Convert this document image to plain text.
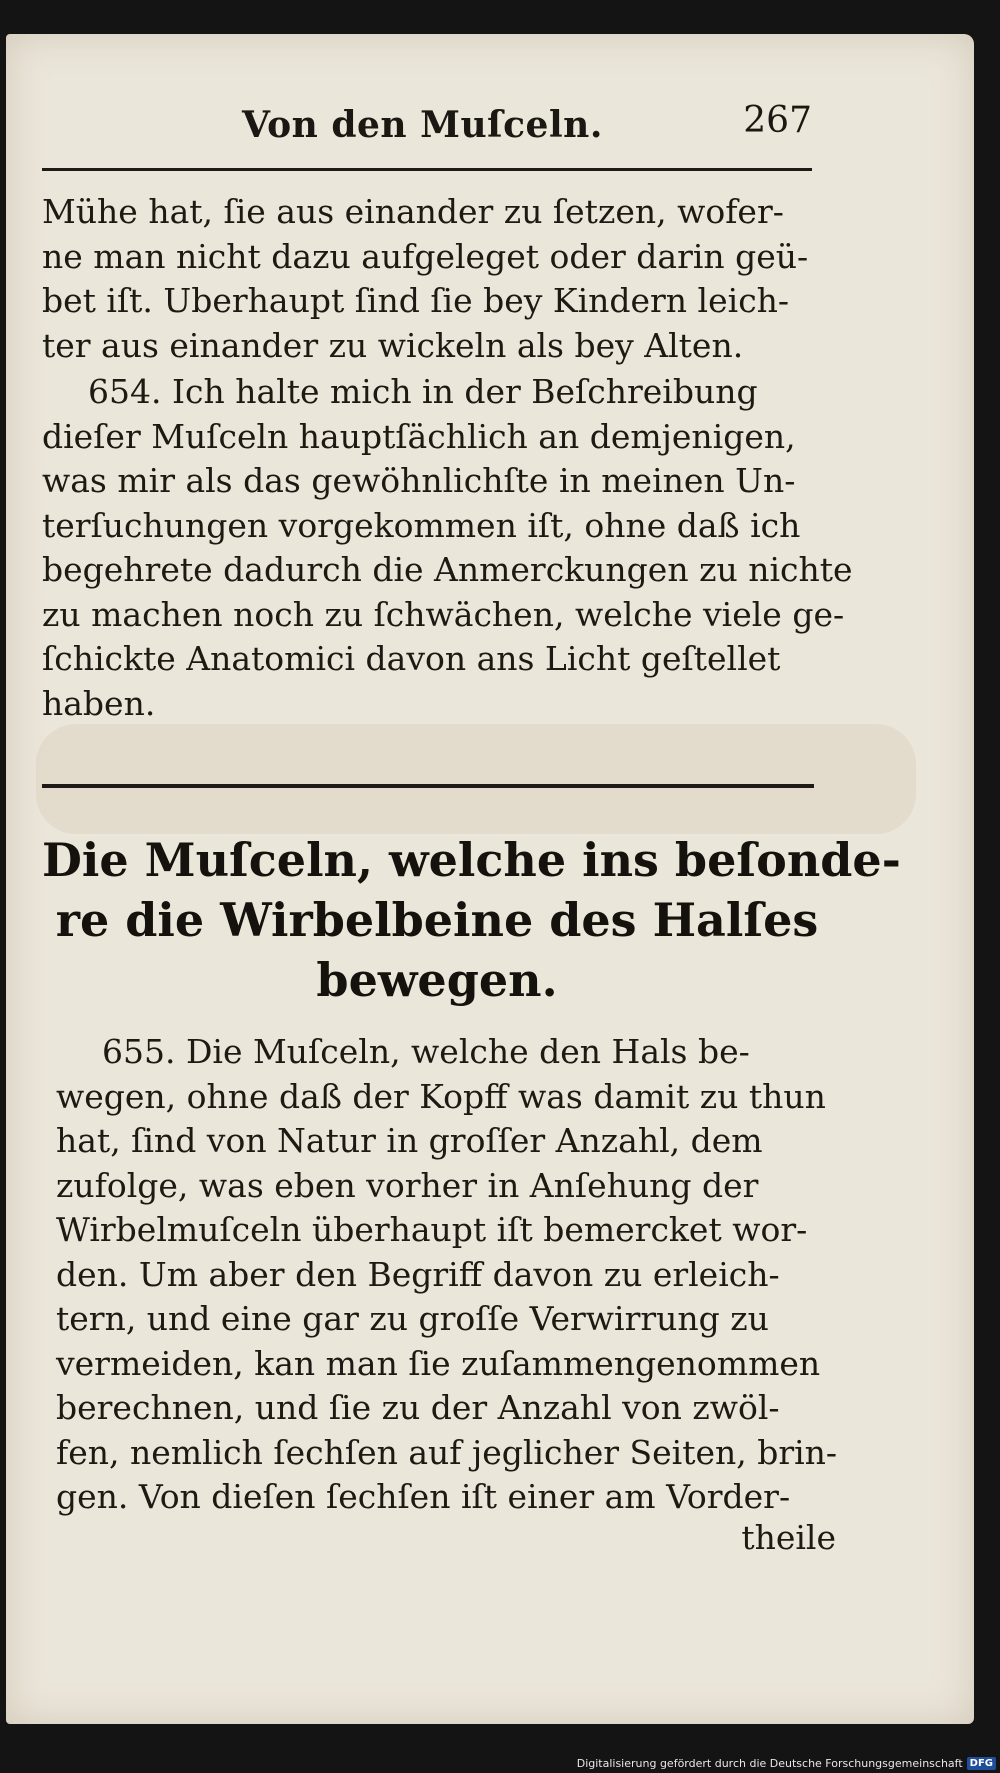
Von den Muſceln.	267
Mühe hat, ſie aus einander zu ſetzen, wofer-
ne man nicht dazu aufgeleget oder darin geü-
bet iſt. Uberhaupt ſind ſie bey Kindern leich-
ter aus einander zu wickeln als bey Alten.
654. Ich halte mich in der Beſchreibung
dieſer Muſceln hauptſächlich an demjenigen,
was mir als das gewöhnlichſte in meinen Un-
terſuchungen vorgekommen iſt, ohne daß ich
begehrete dadurch die Anmerckungen zu nichte
zu machen noch zu ſchwächen, welche viele ge-
ſchickte Anatomici davon ans Licht geſtellet
haben.
Die Muſceln, welche ins beſonde-
re die Wirbelbeine des Halſes
bewegen.
655. Die Muſceln, welche den Hals be-
wegen, ohne daß der Kopff was damit zu thun
hat, ſind von Natur in groſſer Anzahl, dem
zufolge, was eben vorher in Anſehung der
Wirbelmuſceln überhaupt iſt bemercket wor-
den. Um aber den Begriff davon zu erleich-
tern, und eine gar zu groſſe Verwirrung zu
vermeiden, kan man ſie zuſammengenommen
berechnen, und ſie zu der Anzahl von zwöl-
fen, nemlich ſechſen auf jeglicher Seiten, brin-
gen. Von dieſen ſechſen iſt einer am Vorder-
theile
Digitalisierung gefördert durch die Deutsche Forschungsgemeinschaft DFG
